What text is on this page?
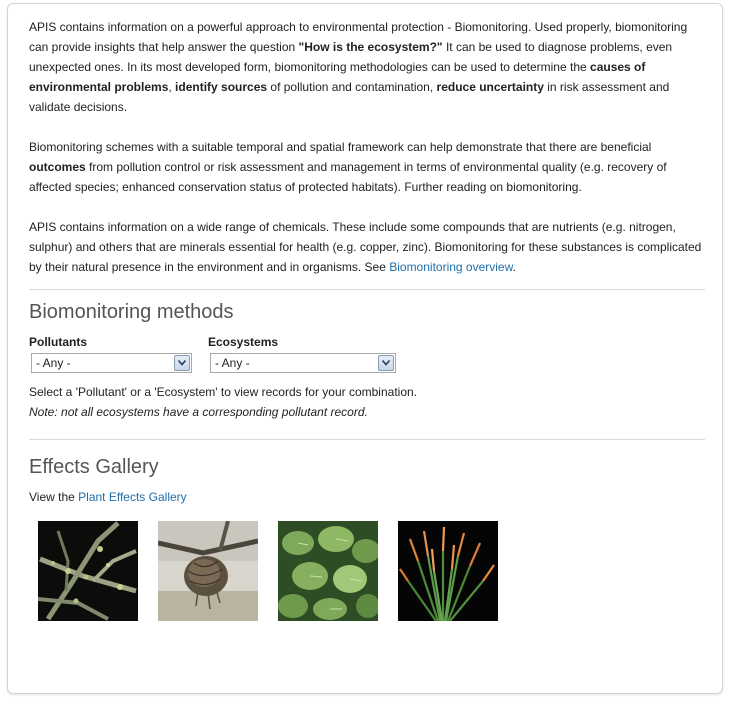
APIS contains information on a powerful approach to environmental protection - Biomonitoring. Used properly, biomonitoring can provide insights that help answer the question "How is the ecosystem?" It can be used to diagnose problems, even unexpected ones. In its most developed form, biomonitoring methodologies can be used to determine the causes of environmental problems, identify sources of pollution and contamination, reduce uncertainty in risk assessment and validate decisions.

Biomonitoring schemes with a suitable temporal and spatial framework can help demonstrate that there are beneficial outcomes from pollution control or risk assessment and management in terms of environmental quality (e.g. recovery of affected species; enhanced conservation status of protected habitats). Further reading on biomonitoring.

APIS contains information on a wide range of chemicals. These include some compounds that are nutrients (e.g. nitrogen, sulphur) and others that are minerals essential for health (e.g. copper, zinc). Biomonitoring for these substances is complicated by their natural presence in the environment and in organisms. See Biomonitoring overview.

Biomonitoring methods
Pollutants
- Any -
Ecosystems
- Any -
Select a 'Pollutant' or a 'Ecosystem' to view records for your combination.
Note: not all ecosystems have a corresponding pollutant record.
Effects Gallery
View the Plant Effects Gallery
